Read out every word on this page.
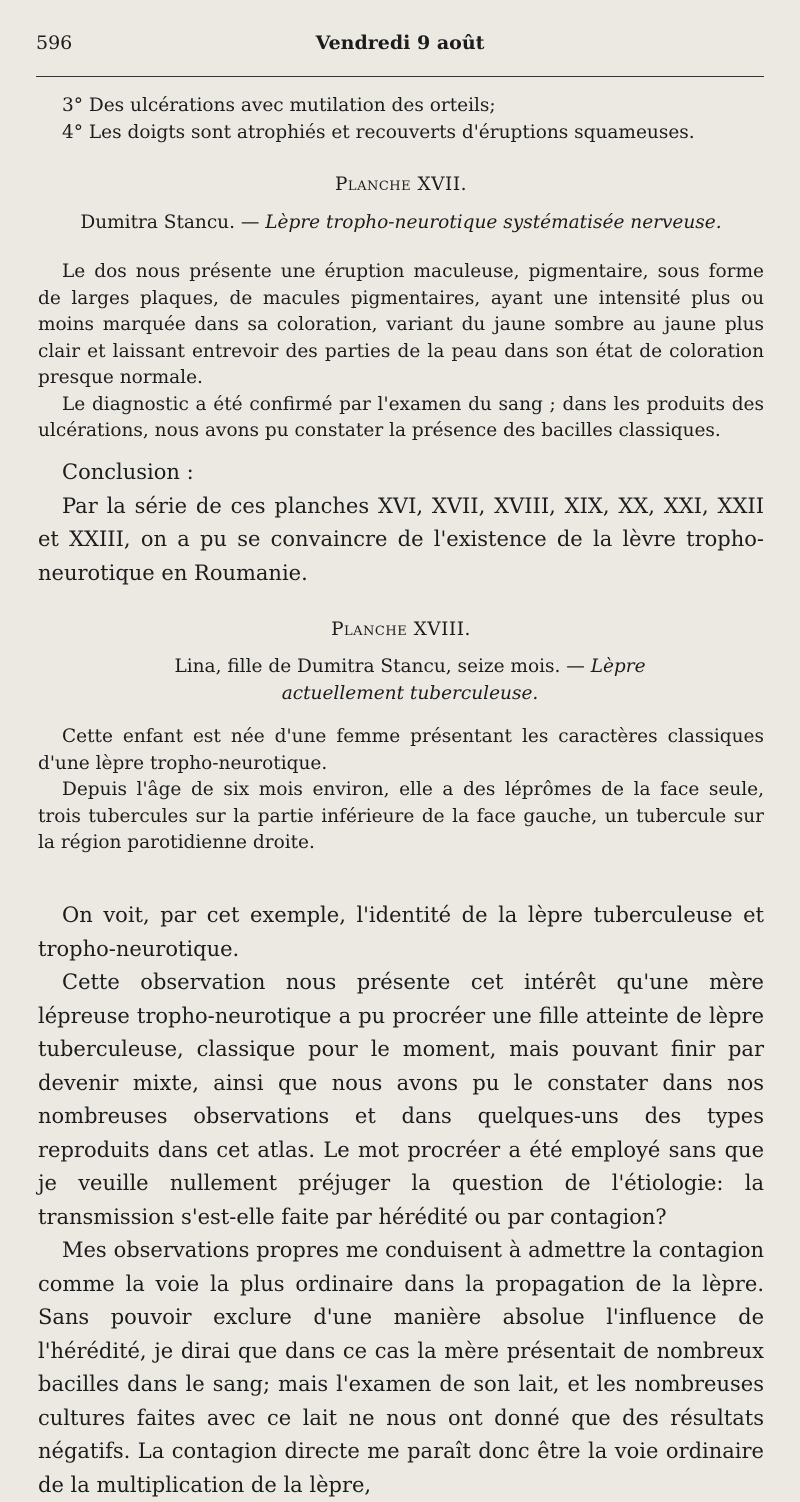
596	Vendredi 9 août

3° Des ulcérations avec mutilation des orteils;

4° Les doigts sont atrophiés et recouverts d'éruptions squameuses.

Planche XVII.
Dumitra Stancu. — Lèpre tropho-neurotique systématisée nerveuse.

Le dos nous présente une éruption maculeuse, pigmentaire, sous forme de larges plaques, de macules pigmentaires, ayant une intensité plus ou moins marquée dans sa coloration, variant du jaune sombre au jaune plus clair et laissant entrevoir des parties de la peau dans son état de coloration presque normale.

Le diagnostic a été confirmé par l'examen du sang ; dans les produits des ulcérations, nous avons pu constater la présence des bacilles classiques.

Conclusion :

Par la série de ces planches XVI, XVII, XVIII, XIX, XX, XXI, XXII et XXIII, on a pu se convaincre de l'existence de la lèvre tropho-neurotique en Roumanie.

Planche XVIII.
Lina, fille de Dumitra Stancu, seize mois. — Lèpre actuellement tuberculeuse.

Cette enfant est née d'une femme présentant les caractères classiques d'une lèpre tropho-neurotique.

Depuis l'âge de six mois environ, elle a des léprômes de la face seule, trois tubercules sur la partie inférieure de la face gauche, un tubercule sur la région parotidienne droite.

On voit, par cet exemple, l'identité de la lèpre tuberculeuse et tropho-neurotique.

Cette observation nous présente cet intérêt qu'une mère lépreuse tropho-neurotique a pu procréer une fille atteinte de lèpre tuberculeuse, classique pour le moment, mais pouvant finir par devenir mixte, ainsi que nous avons pu le constater dans nos nombreuses observations et dans quelques-uns des types reproduits dans cet atlas. Le mot procréer a été employé sans que je veuille nullement préjuger la question de l'étiologie: la transmission s'est-elle faite par hérédité ou par contagion?

Mes observations propres me conduisent à admettre la contagion comme la voie la plus ordinaire dans la propagation de la lèpre. Sans pouvoir exclure d'une manière absolue l'influence de l'hérédité, je dirai que dans ce cas la mère présentait de nombreux bacilles dans le sang; mais l'examen de son lait, et les nombreuses cultures faites avec ce lait ne nous ont donné que des résultats négatifs. La contagion directe me paraît donc être la voie ordinaire de la multiplication de la lèpre,
